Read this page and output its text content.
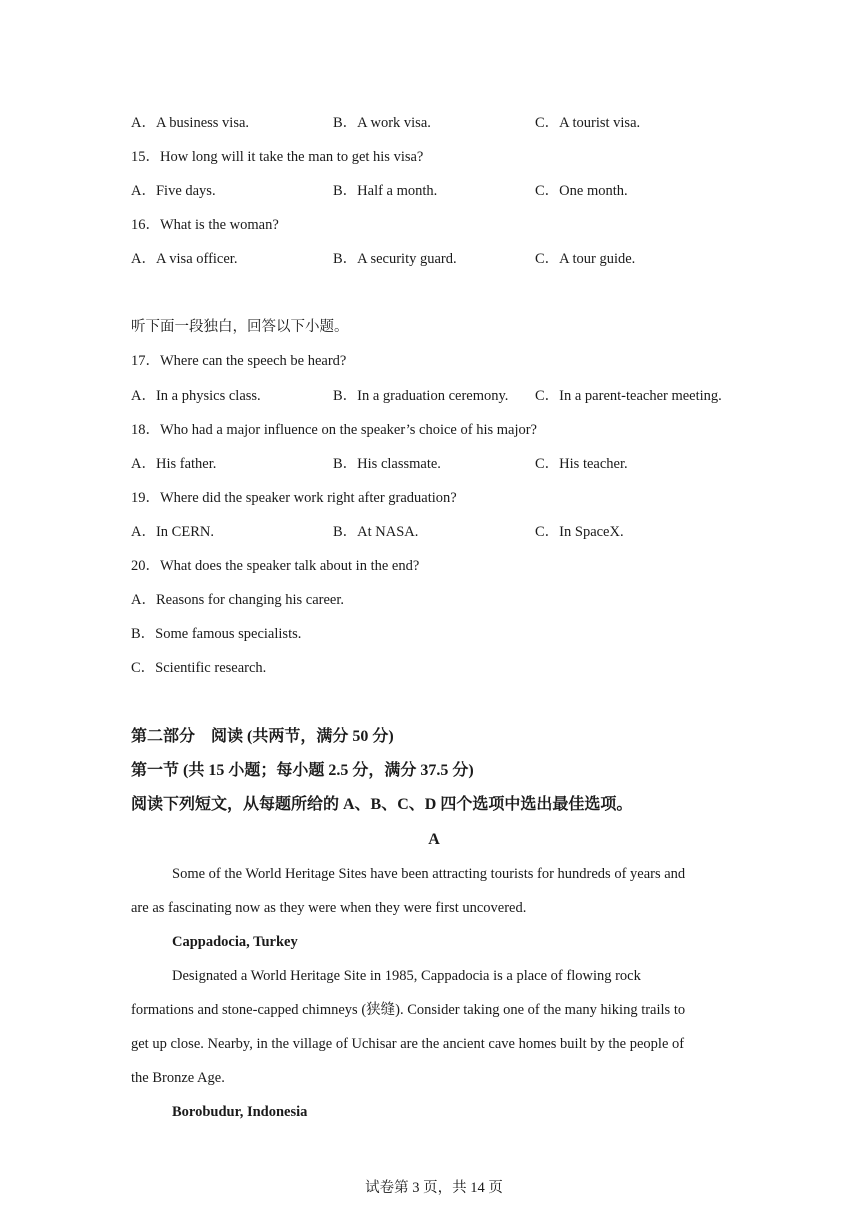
A．A business visa.	B．A work visa.	C．A tourist visa.
15．How long will it take the man to get his visa?
A．Five days.	B．Half a month.	C．One month.
16．What is the woman?
A．A visa officer.	B．A security guard.	C．A tour guide.
听下面一段独白，回答以下小题。
17．Where can the speech be heard?
A．In a physics class.	B．In a graduation ceremony. C．In a parent-teacher meeting.
18．Who had a major influence on the speaker’s choice of his major?
A．His father.	B．His classmate.	C．His teacher.
19．Where did the speaker work right after graduation?
A．In CERN.	B．At NASA.	C．In SpaceX.
20．What does the speaker talk about in the end?
A．Reasons for changing his career.
B．Some famous specialists.
C．Scientific research.
第二部分　阅读 (共两节，满分 50 分)
第一节 (共 15 小题；每小题 2.5 分，满分 37.5 分)
阅读下列短文，从每题所给的 A、B、C、D 四个选项中选出最佳选项。
A
Some of the World Heritage Sites have been attracting tourists for hundreds of years and
are as fascinating now as they were when they were first uncovered.
Cappadocia, Turkey
Designated a World Heritage Site in 1985, Cappadocia is a place of flowing rock
formations and stone-capped chimneys (狭缝). Consider taking one of the many hiking trails to
get up close. Nearby, in the village of Uchisar are the ancient cave homes built by the people of
the Bronze Age.
Borobudur, Indonesia
试卷第 3 页，共 14 页
